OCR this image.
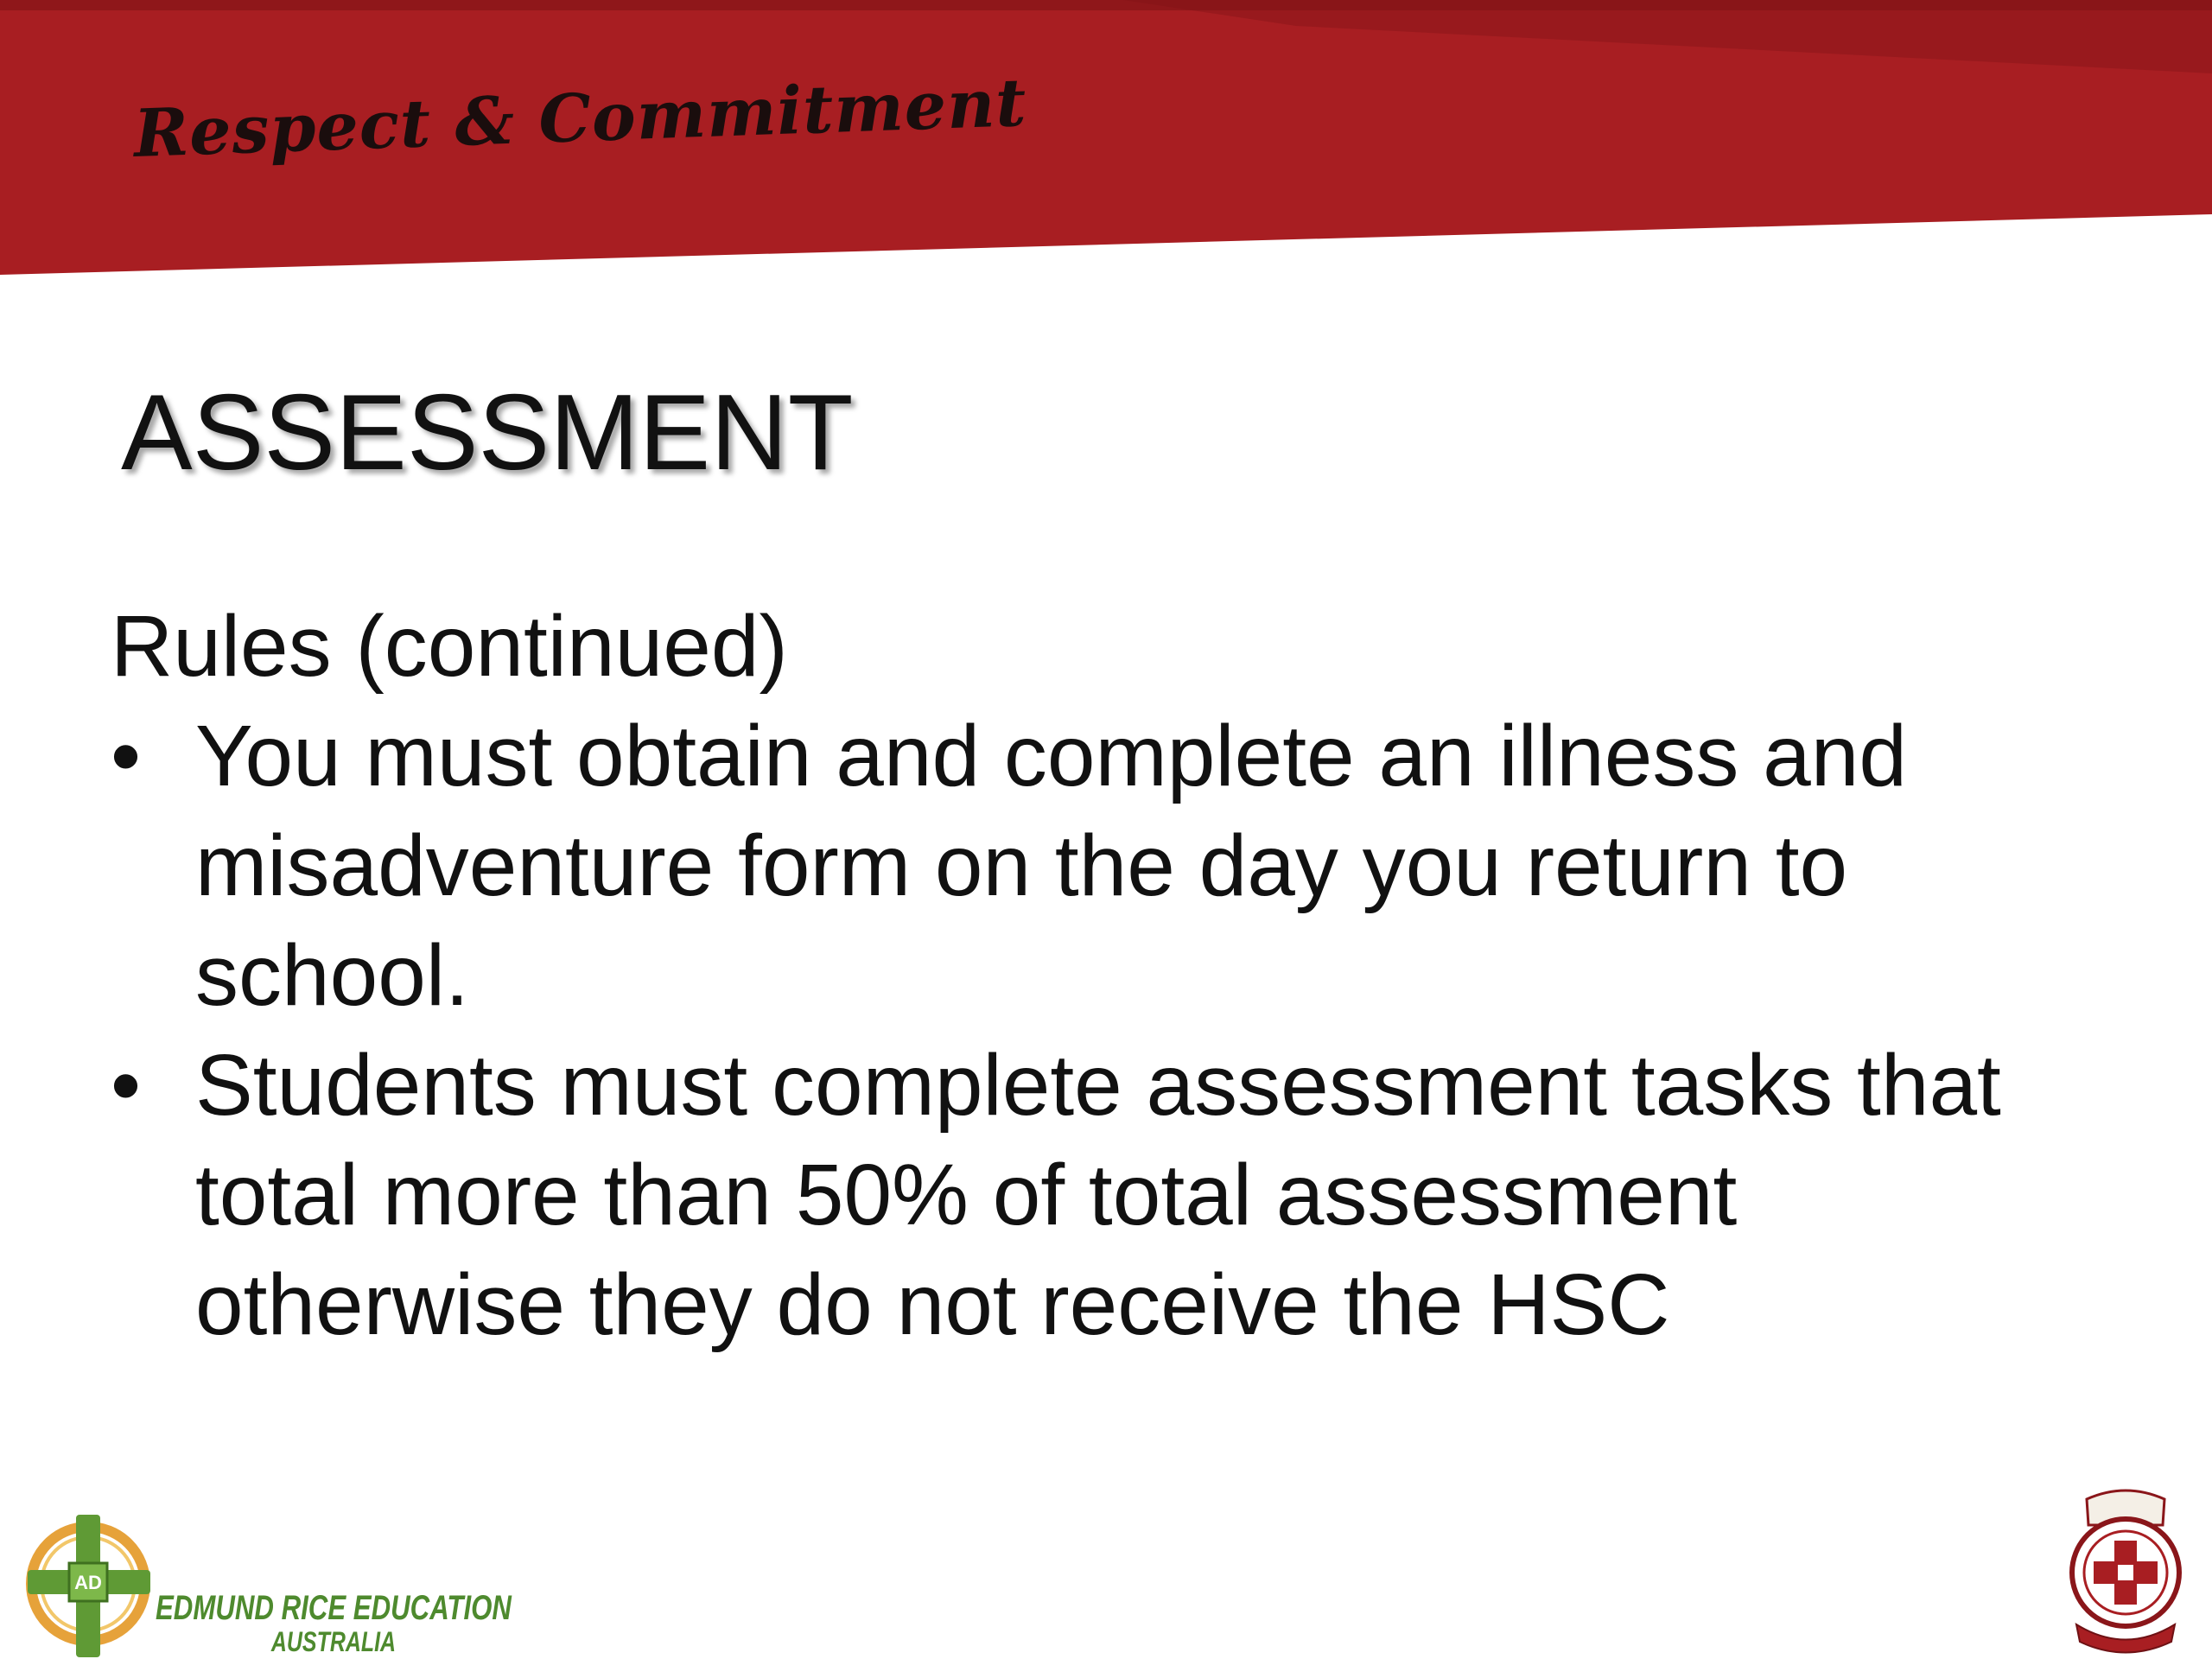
Respect & Commitment
ASSESSMENT

Rules (continued)

• You must obtain and complete an illness and misadventure form on the day you return to school.
• Students must complete assessment tasks that total more than 50% of total assessment otherwise they do not receive the HSC
AD
EDMUND RICE EDUCATION
AUSTRALIA
